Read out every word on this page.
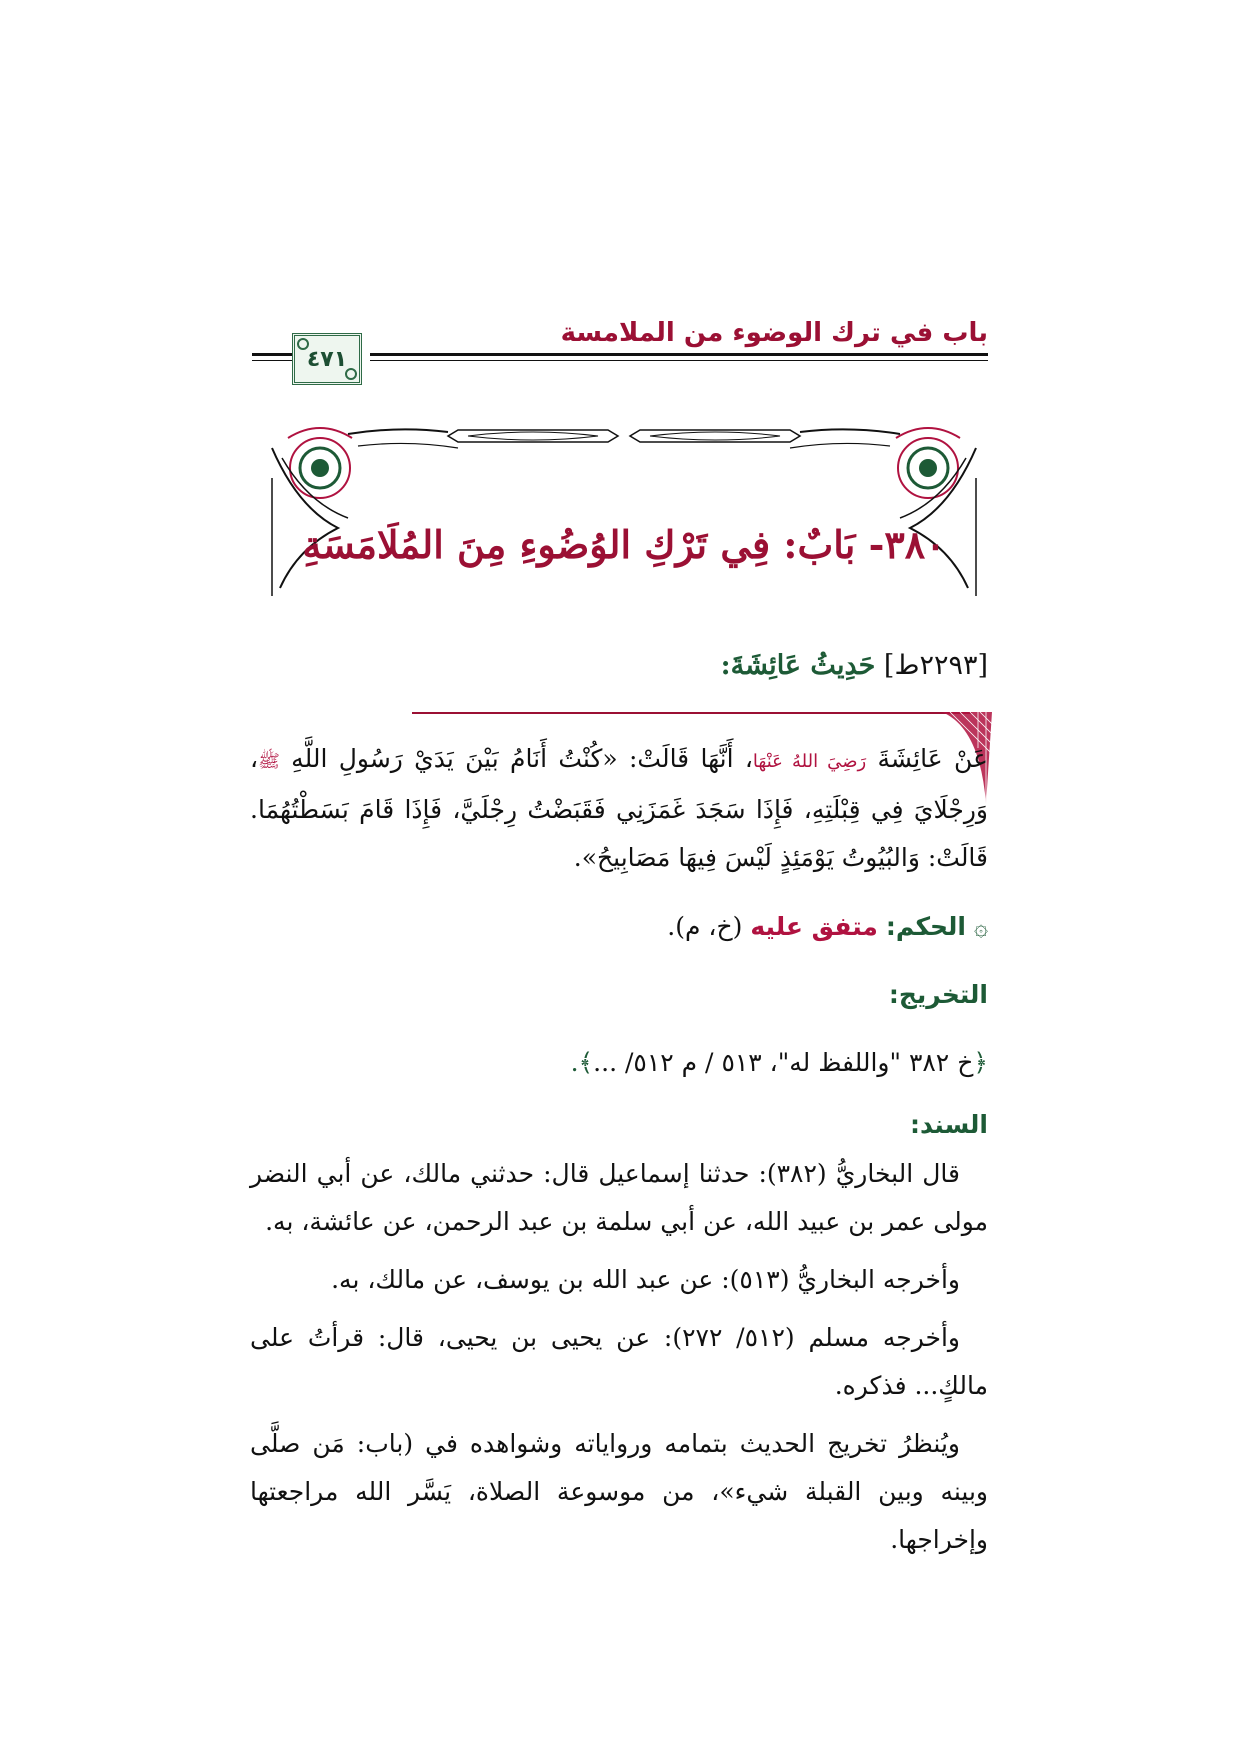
باب في ترك الوضوء من الملامسة
٤٧١
٣٨٠- بَابٌ: فِي تَرْكِ الوُضُوءِ مِنَ المُلَامَسَةِ
[٢٢٩٣ط] حَدِيثُ عَائِشَةَ:
عَنْ عَائِشَةَ رَضِيَ اللهُ عَنْهَا، أَنَّهَا قَالَتْ: «كُنْتُ أَنَامُ بَيْنَ يَدَيْ رَسُولِ اللَّهِ ﷺ، وَرِجْلَايَ فِي قِبْلَتِهِ، فَإِذَا سَجَدَ غَمَزَنِي فَقَبَضْتُ رِجْلَيَّ، فَإِذَا قَامَ بَسَطْتُهُمَا. قَالَتْ: وَالبُيُوتُ يَوْمَئِذٍ لَيْسَ فِيهَا مَصَابِيحُ».
۞ الحكم: متفق عليه (خ، م).
التخريج:
﴿خ ٣٨٢ "واللفظ له"، ٥١٣ / م ٥١٢/ ...﴾.
السند:

قال البخاريُّ (٣٨٢): حدثنا إسماعيل قال: حدثني مالك، عن أبي النضر مولى عمر بن عبيد الله، عن أبي سلمة بن عبد الرحمن، عن عائشة، به.

وأخرجه البخاريُّ (٥١٣): عن عبد الله بن يوسف، عن مالك، به.

وأخرجه مسلم (٥١٢/ ٢٧٢): عن يحيى بن يحيى، قال: قرأتُ على مالكٍ... فذكره.

ويُنظرُ تخريج الحديث بتمامه ورواياته وشواهده في (باب: مَن صلَّى وبينه وبين القبلة شيء»، من موسوعة الصلاة، يَسَّر الله مراجعتها وإخراجها.
